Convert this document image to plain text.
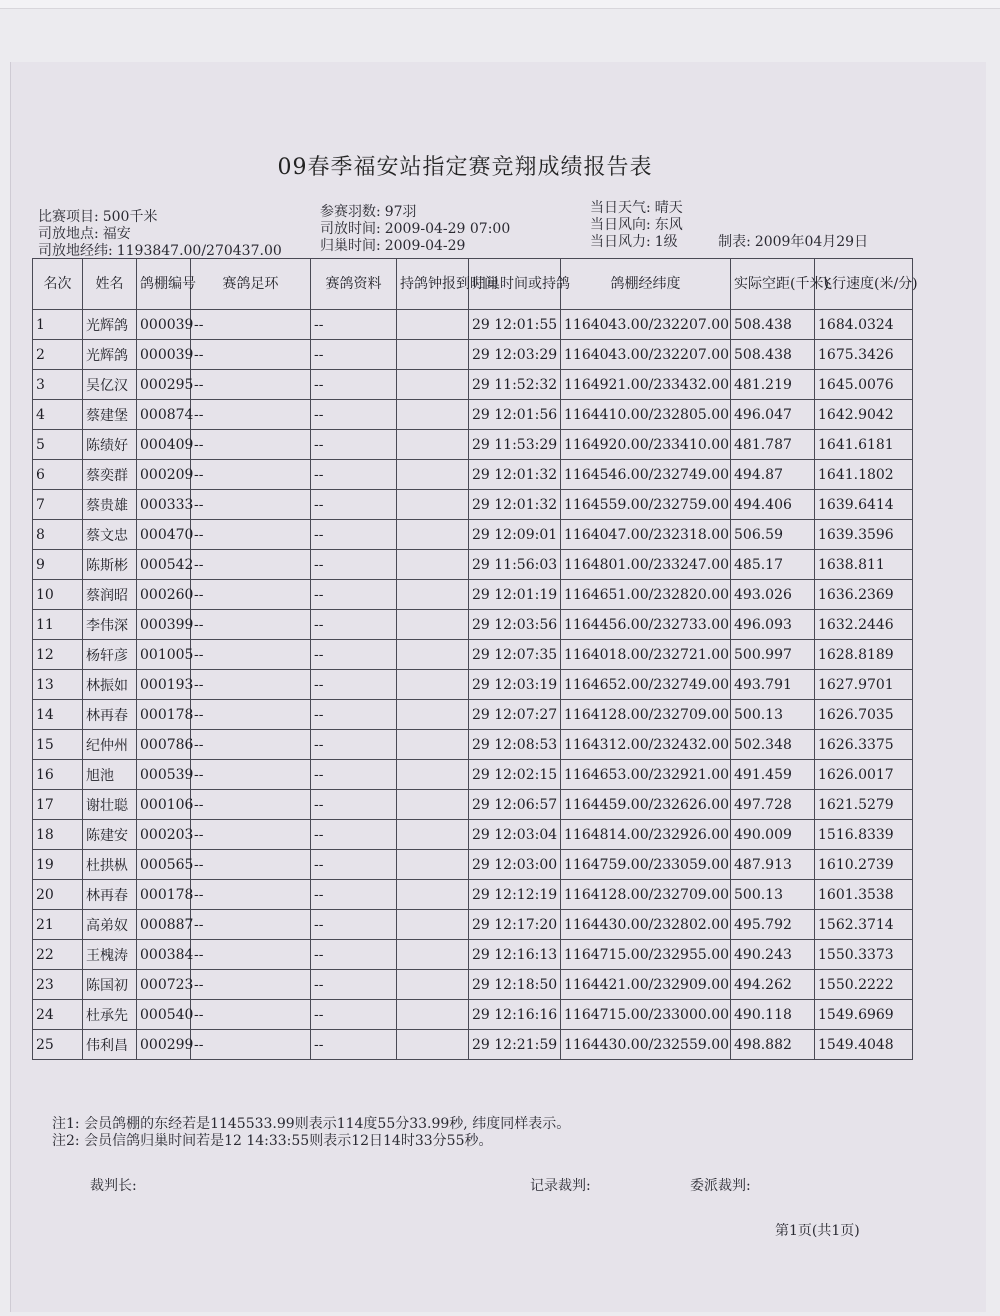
09春季福安站指定赛竞翔成绩报告表
比赛项目: 500千米
司放地点: 福安
司放地经纬: 1193847.00/270437.00
参赛羽数: 97羽
司放时间: 2009-04-29 07:00
归巢时间: 2009-04-29
当日天气: 晴天
当日风向: 东风
当日风力: 1级	制表: 2009年04月29日
名次	姓名	鸽棚编号	赛鸽足环	赛鸽资料	持鸽钟报到时间	归巢时间或持鸽	鸽棚经纬度	实际空距(千米)	飞行速度(米/分)
1	光辉鸽	000039	--	--		29 12:01:55	1164043.00/232207.00	508.438	1684.0324
2	光辉鸽	000039	--	--		29 12:03:29	1164043.00/232207.00	508.438	1675.3426
3	吴亿汉	000295	--	--		29 11:52:32	1164921.00/233432.00	481.219	1645.0076
4	蔡建堡	000874	--	--		29 12:01:56	1164410.00/232805.00	496.047	1642.9042
5	陈绩好	000409	--	--		29 11:53:29	1164920.00/233410.00	481.787	1641.6181
6	蔡奕群	000209	--	--		29 12:01:32	1164546.00/232749.00	494.87	1641.1802
7	蔡贵雄	000333	--	--		29 12:01:32	1164559.00/232759.00	494.406	1639.6414
8	蔡文忠	000470	--	--		29 12:09:01	1164047.00/232318.00	506.59	1639.3596
9	陈斯彬	000542	--	--		29 11:56:03	1164801.00/233247.00	485.17	1638.811
10	蔡润昭	000260	--	--		29 12:01:19	1164651.00/232820.00	493.026	1636.2369
11	李伟深	000399	--	--		29 12:03:56	1164456.00/232733.00	496.093	1632.2446
12	杨轩彦	001005	--	--		29 12:07:35	1164018.00/232721.00	500.997	1628.8189
13	林振如	000193	--	--		29 12:03:19	1164652.00/232749.00	493.791	1627.9701
14	林再春	000178	--	--		29 12:07:27	1164128.00/232709.00	500.13	1626.7035
15	纪仲州	000786	--	--		29 12:08:53	1164312.00/232432.00	502.348	1626.3375
16	旭池	000539	--	--		29 12:02:15	1164653.00/232921.00	491.459	1626.0017
17	谢壮聪	000106	--	--		29 12:06:57	1164459.00/232626.00	497.728	1621.5279
18	陈建安	000203	--	--		29 12:03:04	1164814.00/232926.00	490.009	1516.8339
19	杜拱枞	000565	--	--		29 12:03:00	1164759.00/233059.00	487.913	1610.2739
20	林再春	000178	--	--		29 12:12:19	1164128.00/232709.00	500.13	1601.3538
21	高弟奴	000887	--	--		29 12:17:20	1164430.00/232802.00	495.792	1562.3714
22	王槐涛	000384	--	--		29 12:16:13	1164715.00/232955.00	490.243	1550.3373
23	陈国初	000723	--	--		29 12:18:50	1164421.00/232909.00	494.262	1550.2222
24	杜承先	000540	--	--		29 12:16:16	1164715.00/233000.00	490.118	1549.6969
25	伟利昌	000299	--	--		29 12:21:59	1164430.00/232559.00	498.882	1549.4048
注1: 会员鸽棚的东经若是1145533.99则表示114度55分33.99秒, 纬度同样表示。
注2: 会员信鸽归巢时间若是12 14:33:55则表示12日14时33分55秒。
裁判长:	记录裁判:	委派裁判:
第1页(共1页)
